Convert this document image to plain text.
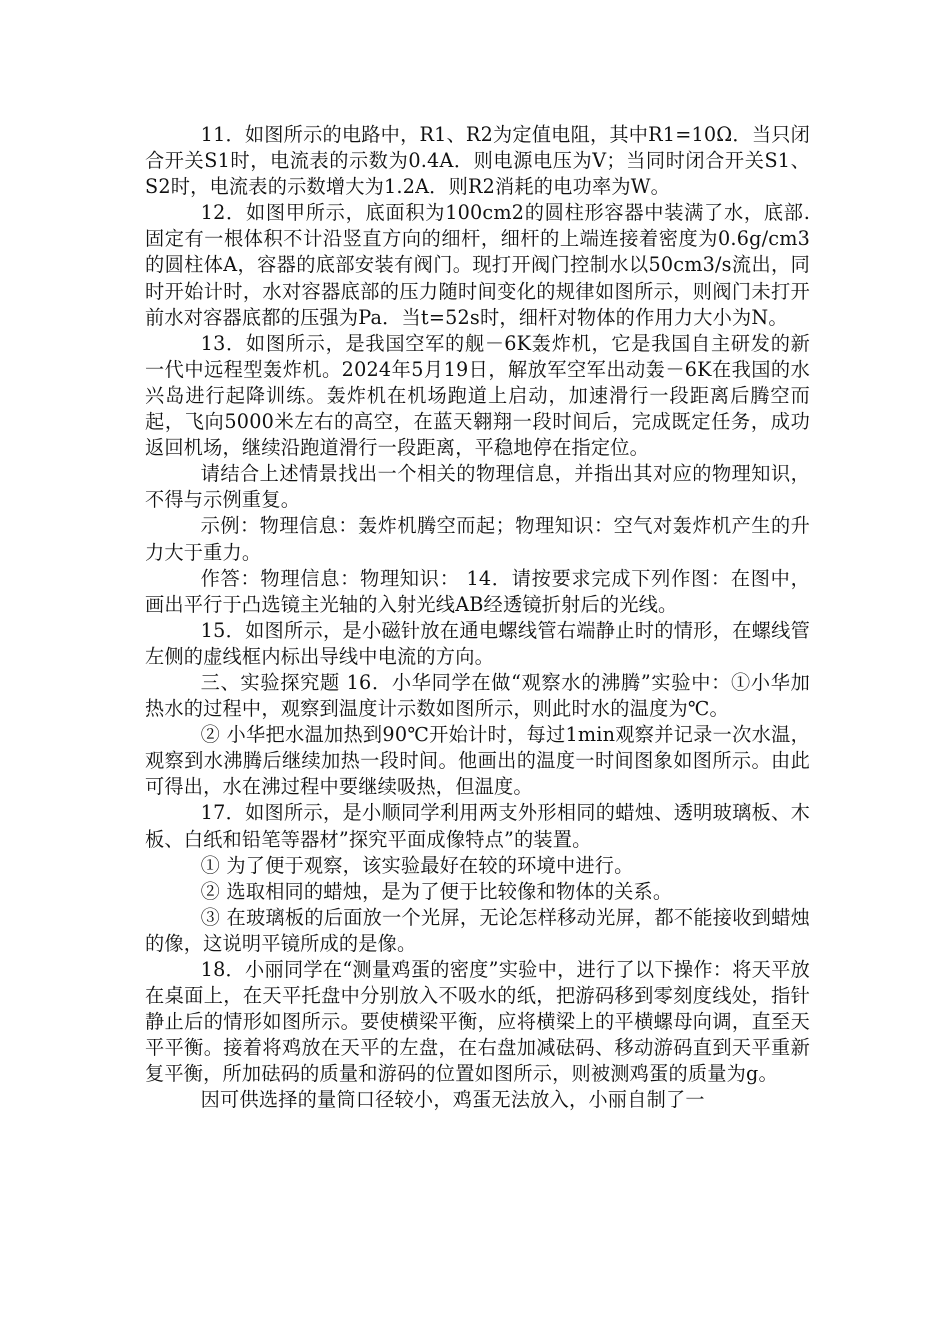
11．如图所示的电路中，R1、R2为定值电阻，其中R1=10Ω．当只闭合开关S1时，电流表的示数为0.4A．则电源电压为V；当同时闭合开关S1、S2时，电流表的示数增大为1.2A．则R2消耗的电功率为W。

12．如图甲所示，底面积为100cm2的圆柱形容器中装满了水，底部.固定有一根体积不计沿竖直方向的细杆，细杆的上端连接着密度为0.6g/cm3的圆柱体A，容器的底部安装有阀门。现打开阀门控制水以50cm3/s流出，同时开始计时，水对容器底部的压力随时间变化的规律如图所示，则阀门未打开前水对容器底都的压强为Pa．当t=52s时，细杆对物体的作用力大小为N。

13．如图所示，是我国空军的舰－6K轰炸机，它是我国自主研发的新一代中远程型轰炸机。2024年5月19日，解放军空军出动轰－6K在我国的水兴岛进行起降训练。轰炸机在机场跑道上启动，加速滑行一段距离后腾空而起，飞向5000米左右的高空，在蓝天翱翔一段时间后，完成既定任务，成功返回机场，继续沿跑道滑行一段距离，平稳地停在指定位。

请结合上述情景找出一个相关的物理信息，并指出其对应的物理知识，不得与示例重复。

示例：物理信息：轰炸机腾空而起；物理知识：空气对轰炸机产生的升力大于重力。

作答：物理信息：物理知识： 14．请按要求完成下列作图：在图中，画出平行于凸选镜主光轴的入射光线AB经透镜折射后的光线。

15．如图所示，是小磁针放在通电螺线管右端静止时的情形，在螺线管左侧的虚线框内标出导线中电流的方向。

三、实验探究题 16．小华同学在做“观察水的沸腾”实验中：①小华加热水的过程中，观察到温度计示数如图所示，则此时水的温度为℃。

② 小华把水温加热到90℃开始计时，每过1min观察并记录一次水温，观察到水沸腾后继续加热一段时间。他画出的温度一时间图象如图所示。由此可得出，水在沸过程中要继续吸热，但温度。

17．如图所示，是小顺同学利用两支外形相同的蜡烛、透明玻璃板、木板、白纸和铅笔等器材”探究平面成像特点”的装置。

① 为了便于观察，该实验最好在较的环境中进行。

② 选取相同的蜡烛，是为了便于比较像和物体的关系。

③ 在玻璃板的后面放一个光屏，无论怎样移动光屏，都不能接收到蜡烛的像，这说明平镜所成的是像。

18．小丽同学在“测量鸡蛋的密度”实验中，进行了以下操作：将天平放在桌面上，在天平托盘中分别放入不吸水的纸，把游码移到零刻度线处，指针静止后的情形如图所示。要使横梁平衡，应将横梁上的平横螺母向调，直至天平平衡。接着将鸡放在天平的左盘，在右盘加减砝码、移动游码直到天平重新复平衡，所加砝码的质量和游码的位置如图所示，则被测鸡蛋的质量为g。

因可供选择的量筒口径较小，鸡蛋无法放入，小丽自制了一
